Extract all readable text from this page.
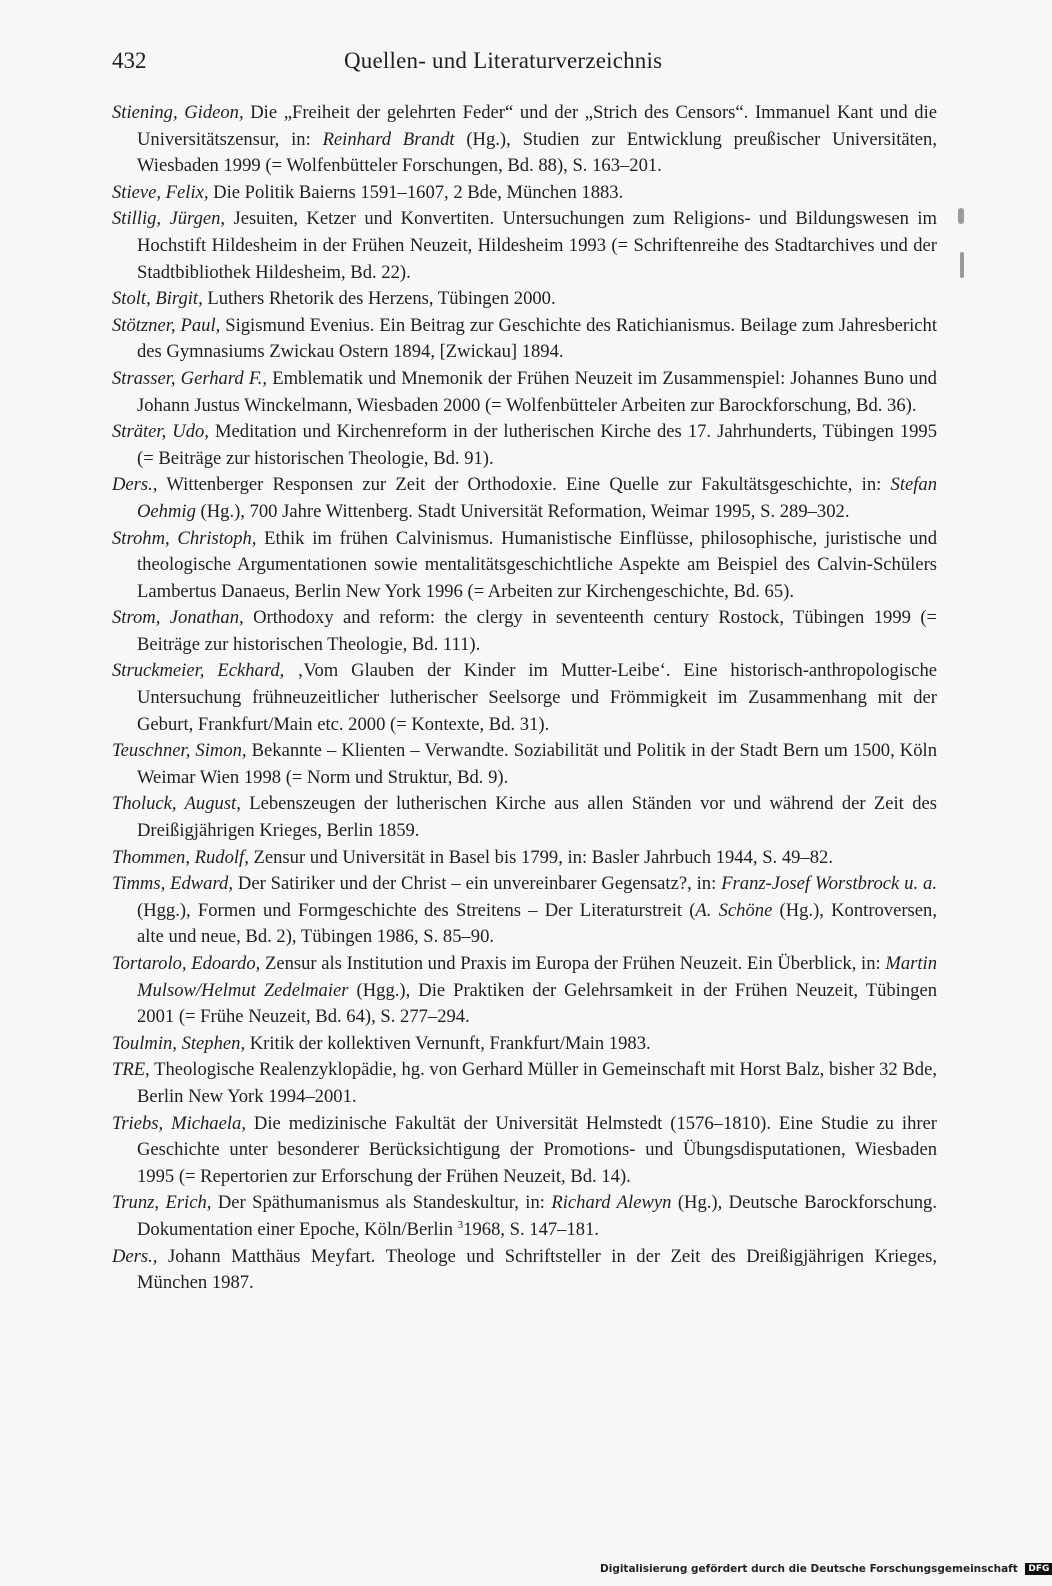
432	Quellen- und Literaturverzeichnis

Stiening, Gideon, Die „Freiheit der gelehrten Feder“ und der „Strich des Censors“. Immanuel Kant und die Universitätszensur, in: Reinhard Brandt (Hg.), Studien zur Entwicklung preußischer Universitäten, Wiesbaden 1999 (= Wolfenbütteler Forschungen, Bd. 88), S. 163–201.

Stieve, Felix, Die Politik Baierns 1591–1607, 2 Bde, München 1883.

Stillig, Jürgen, Jesuiten, Ketzer und Konvertiten. Untersuchungen zum Religions- und Bildungswesen im Hochstift Hildesheim in der Frühen Neuzeit, Hildesheim 1993 (= Schriftenreihe des Stadtarchives und der Stadtbibliothek Hildesheim, Bd. 22).

Stolt, Birgit, Luthers Rhetorik des Herzens, Tübingen 2000.

Stötzner, Paul, Sigismund Evenius. Ein Beitrag zur Geschichte des Ratichianismus. Beilage zum Jahresbericht des Gymnasiums Zwickau Ostern 1894, [Zwickau] 1894.

Strasser, Gerhard F., Emblematik und Mnemonik der Frühen Neuzeit im Zusammenspiel: Johannes Buno und Johann Justus Winckelmann, Wiesbaden 2000 (= Wolfenbütteler Arbeiten zur Barockforschung, Bd. 36).

Sträter, Udo, Meditation und Kirchenreform in der lutherischen Kirche des 17. Jahrhunderts, Tübingen 1995 (= Beiträge zur historischen Theologie, Bd. 91).

Ders., Wittenberger Responsen zur Zeit der Orthodoxie. Eine Quelle zur Fakultätsgeschichte, in: Stefan Oehmig (Hg.), 700 Jahre Wittenberg. Stadt Universität Reformation, Weimar 1995, S. 289–302.

Strohm, Christoph, Ethik im frühen Calvinismus. Humanistische Einflüsse, philosophische, juristische und theologische Argumentationen sowie mentalitätsgeschichtliche Aspekte am Beispiel des Calvin-Schülers Lambertus Danaeus, Berlin New York 1996 (= Arbeiten zur Kirchengeschichte, Bd. 65).

Strom, Jonathan, Orthodoxy and reform: the clergy in seventeenth century Rostock, Tübingen 1999 (= Beiträge zur historischen Theologie, Bd. 111).

Struckmeier, Eckhard, ‚Vom Glauben der Kinder im Mutter-Leibe‘. Eine historisch-anthropologische Untersuchung frühneuzeitlicher lutherischer Seelsorge und Frömmigkeit im Zusammenhang mit der Geburt, Frankfurt/Main etc. 2000 (= Kontexte, Bd. 31).

Teuschner, Simon, Bekannte – Klienten – Verwandte. Soziabilität und Politik in der Stadt Bern um 1500, Köln Weimar Wien 1998 (= Norm und Struktur, Bd. 9).

Tholuck, August, Lebenszeugen der lutherischen Kirche aus allen Ständen vor und während der Zeit des Dreißigjährigen Krieges, Berlin 1859.

Thommen, Rudolf, Zensur und Universität in Basel bis 1799, in: Basler Jahrbuch 1944, S. 49–82.

Timms, Edward, Der Satiriker und der Christ – ein unvereinbarer Gegensatz?, in: Franz-Josef Worstbrock u. a. (Hgg.), Formen und Formgeschichte des Streitens – Der Literaturstreit (A. Schöne (Hg.), Kontroversen, alte und neue, Bd. 2), Tübingen 1986, S. 85–90.

Tortarolo, Edoardo, Zensur als Institution und Praxis im Europa der Frühen Neuzeit. Ein Überblick, in: Martin Mulsow/Helmut Zedelmaier (Hgg.), Die Praktiken der Gelehrsamkeit in der Frühen Neuzeit, Tübingen 2001 (= Frühe Neuzeit, Bd. 64), S. 277–294.

Toulmin, Stephen, Kritik der kollektiven Vernunft, Frankfurt/Main 1983.

TRE, Theologische Realenzyklopädie, hg. von Gerhard Müller in Gemeinschaft mit Horst Balz, bisher 32 Bde, Berlin New York 1994–2001.

Triebs, Michaela, Die medizinische Fakultät der Universität Helmstedt (1576–1810). Eine Studie zu ihrer Geschichte unter besonderer Berücksichtigung der Promotions- und Übungsdisputationen, Wiesbaden 1995 (= Repertorien zur Erforschung der Frühen Neuzeit, Bd. 14).

Trunz, Erich, Der Späthumanismus als Standeskultur, in: Richard Alewyn (Hg.), Deutsche Barockforschung. Dokumentation einer Epoche, Köln/Berlin $^3$1968, S. 147–181.

Ders., Johann Matthäus Meyfart. Theologe und Schriftsteller in der Zeit des Dreißigjährigen Krieges, München 1987.

Digitalisierung gefördert durch die Deutsche Forschungsgemeinschaft DFG
